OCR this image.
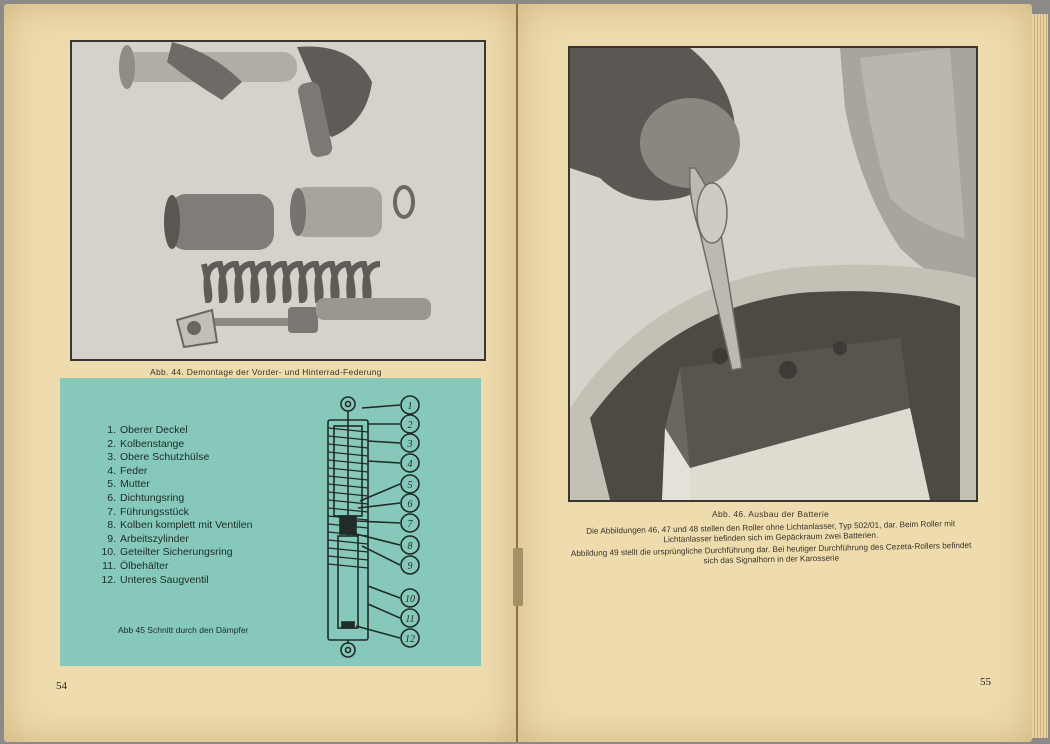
Abb. 44. Demontage der Vorder- und Hinterrad-Federung
1. Oberer Deckel
2. Kolbenstange
3. Obere Schutzhülse
4. Feder
5. Mutter
6. Dichtungsring
7. Führungsstück
8. Kolben komplett mit Ventilen
9. Arbeitszylinder
10. Geteilter Sicherungsring
11. Ölbehälter
12. Unteres Saugventil
1
2
3
4
5
6
7
8
9
10
11
12
Abb 45 Schnitt durch den Dämpfer
54
Abb. 46. Ausbau der Batterie

Die Abbildungen 46, 47 und 48 stellen den Roller ohne Lichtanlasser, Typ 502/01, dar. Beim Roller mit Lichtanlasser befinden sich im Gepäckraum zwei Batterien.

Abbildung 49 stellt die ursprüngliche Durchführung dar. Bei heutiger Durchführung des Cezeta-Rollers befindet sich das Signalhorn in der Karosserie

55
